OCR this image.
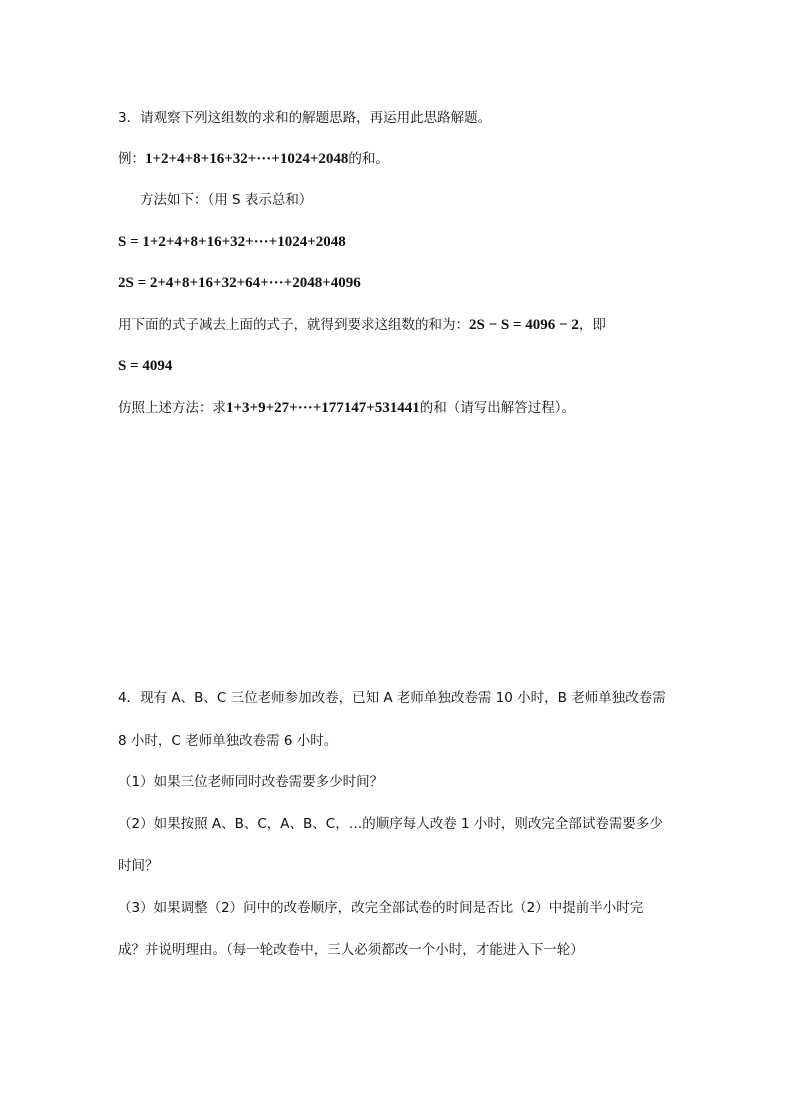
3．请观察下列这组数的求和的解题思路，再运用此思路解题。
例：1+2+4+8+16+32+···+1024+2048的和。
方法如下：（用 S 表示总和）
S = 1+2+4+8+16+32+···+1024+2048
2S = 2+4+8+16+32+64+···+2048+4096
用下面的式子减去上面的式子，就得到要求这组数的和为：2S − S = 4096 − 2，即
S = 4094
仿照上述方法：求1+3+9+27+···+177147+531441的和（请写出解答过程）。
4．现有 A、B、C 三位老师参加改卷，已知 A 老师单独改卷需 10 小时，B 老师单独改卷需
8 小时，C 老师单独改卷需 6 小时。
（1）如果三位老师同时改卷需要多少时间？
（2）如果按照 A、B、C，A、B、C，…的顺序每人改卷 1 小时，则改完全部试卷需要多少
时间？
（3）如果调整（2）问中的改卷顺序，改完全部试卷的时间是否比（2）中提前半小时完
成？并说明理由。（每一轮改卷中，三人必须都改一个小时，才能进入下一轮）
